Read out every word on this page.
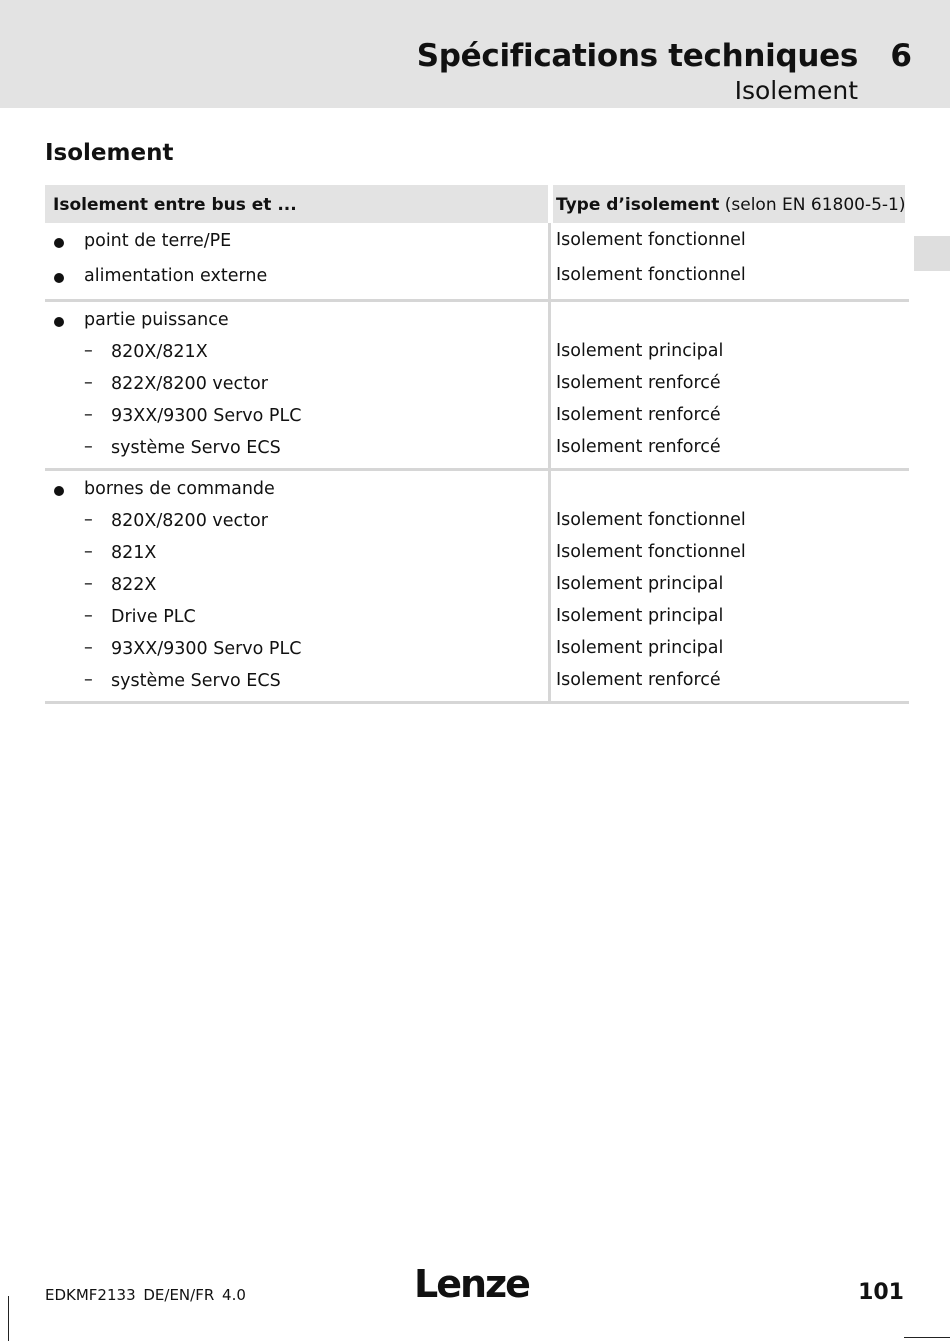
Spécifications techniques 6
Isolement
Isolement
Isolement entre bus et ...	Type d’isolement (selon EN 61800-5-1)
point de terre/PE	Isolement fonctionnel
alimentation externe	Isolement fonctionnel
partie puissance
– 820X/821X	Isolement principal
– 822X/8200 vector	Isolement renforcé
– 93XX/9300 Servo PLC	Isolement renforcé
– système Servo ECS	Isolement renforcé
bornes de commande
– 820X/8200 vector	Isolement fonctionnel
– 821X	Isolement fonctionnel
– 822X	Isolement principal
– Drive PLC	Isolement principal
– 93XX/9300 Servo PLC	Isolement principal
– système Servo ECS	Isolement renforcé
EDKMF2133 DE/EN/FR 4.0	Lenze	101
